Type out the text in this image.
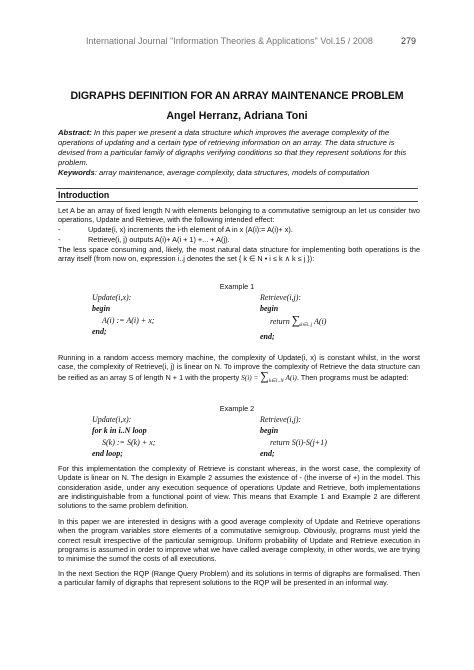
International Journal "Information Theories & Applications" Vol.15 / 2008	279
DIGRAPHS DEFINITION FOR AN ARRAY MAINTENANCE PROBLEM
Angel Herranz, Adriana Toni
Abstract: In this paper we present a data structure which improves the average complexity of the operations of updating and a certain type of retrieving information on an array. The data structure is devised from a particular family of digraphs verifying conditions so that they represent solutions for this problem.
Keywords: array maintenance, average complexity, data structures, models of computation
Introduction
Let A be an array of fixed length N with elements belonging to a commutative semigroup an let us consider two operations, Update and Retrieve, with the following intended effect:
-	Update(i, x) increments the i-th element of A in x (A(i):= A(i)+ x).
-	Retrieve(i, j) outputs A(i)+ A(i + 1) +... + A(j).
The less space consuming and, likely, the most natural data structure for implementing both operations is the array itself (from now on, expression i..j denotes the set { k ∈ N • i ≤ k ∧ k ≤ j }):
Example 1
Update(i,x):
begin
A(i) := A(i) + x;
end;
Retrieve(i,j):
begin
return $\sum_{k\in i..j}$ A(i)
end;
Running in a random access memory machine, the complexity of Update(i, x) is constant whilst, in the worst case, the complexity of Retrieve(i, j) is linear on N. To improve the complexity of Retrieve the data structure can be reified as an array S of length N + 1 with the property $S(i) = \sum_{k\in 1..N}$ A(i). Then programs must be adapted:
Example 2
Update(i,x):
for k in i..N loop
S(k) := S(k) + x;
end loop;
Retrieve(i,j):
begin
return S(i)-S(j+1)
end;
For this implementation the complexity of Retrieve is constant whereas, in the worst case, the complexity of Update is linear on N. The design in Example 2 assumes the existence of - (the inverse of +) in the model. This consideration aside, under any execution sequence of operations Update and Retrieve, both implementations are indistinguishable from a functional point of view. This means that Example 1 and Example 2 are different solutions to the same problem definition.
In this paper we are interested in designs with a good average complexity of Update and Retrieve operations when the program variables store elements of a commutative semigroup. Obviously, programs must yield the correct result irrespective of the particular semigroup. Uniform probability of Update and Retrieve execution in programs is assumed in order to improve what we have called average complexity, in other words, we are trying to minimise the sumof the costs of all executions.
In the next Section the RQP (Range Query Problem) and its solutions in terms of digraphs are formalised. Then a particular family of digraphs that represent solutions to the RQP will be presented in an informal way.
